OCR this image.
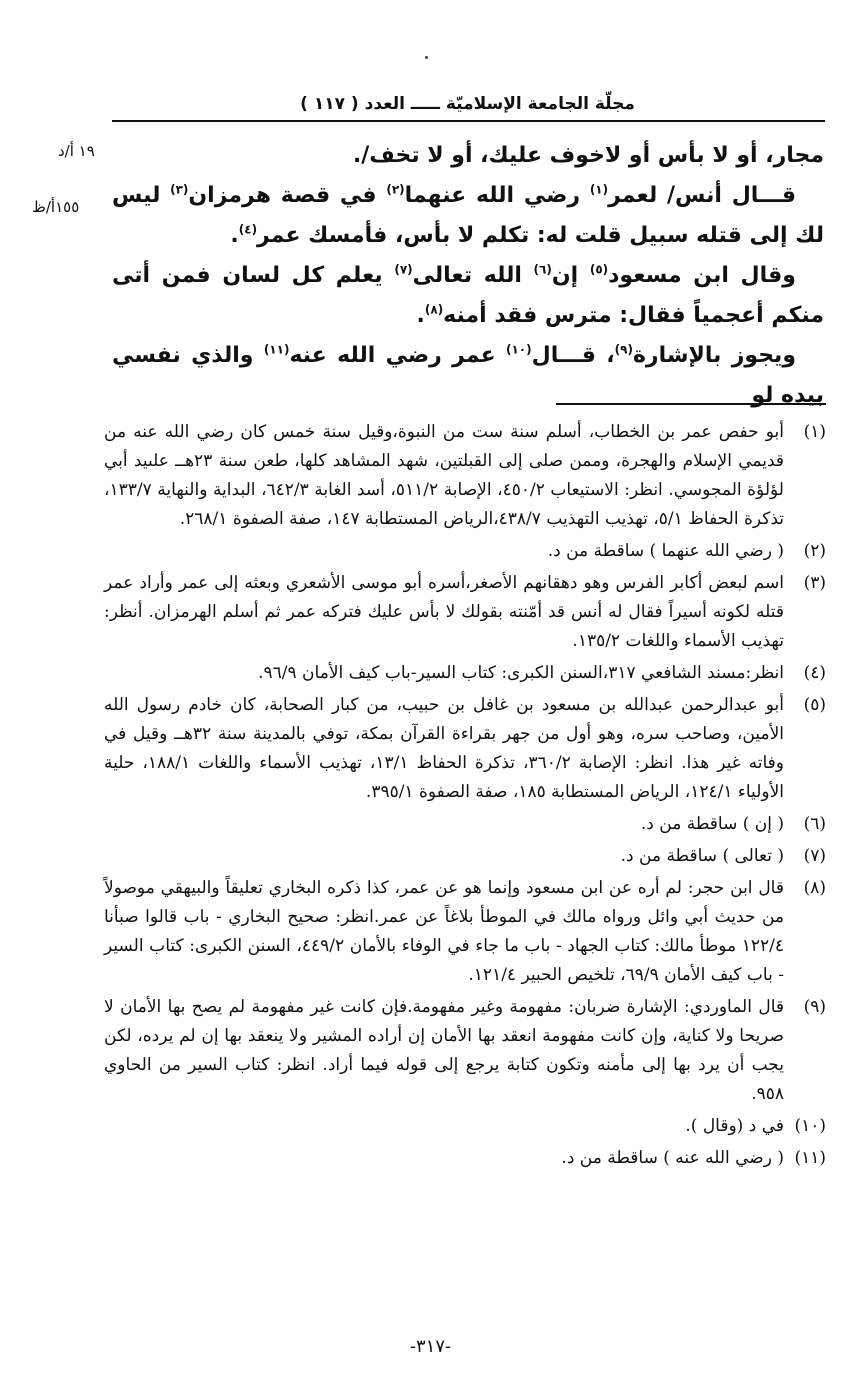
مجلّة الجامعة الإسلاميّة ـــــ العدد ( ١١٧ )
١٩ أ/د
١٥٥أ/ظ

مجار، أو لا بأس أو لاخوف عليك، أو لا تخف/.

قـــال أنس/ لعمر$^{(١)}$ رضي الله عنهما$^{(٢)}$ في قصة هرمزان$^{(٣)}$ ليس لك إلى قتله سبيل قلت له: تكلم لا بأس، فأمسك عمر$^{(٤)}$.

وقال ابن مسعود$^{(٥)}$ إن$^{(٦)}$ الله تعالى$^{(٧)}$ يعلم كل لسان فمن أتى منكم أعجمياً فقال: مترس فقد أمنه$^{(٨)}$.

ويجوز بالإشارة$^{(٩)}$، قـــال$^{(١٠)}$ عمر رضي الله عنه$^{(١١)}$ والذي نفسي بيده لو

(١)
أبو حفص عمر بن الخطاب، أسلم سنة ست من النبوة،وقيل سنة خمس كان رضي الله عنه من قديمي الإسلام والهجرة، وممن صلى إلى القبلتين، شهد المشاهد كلها، طعن سنة ٢٣هــ علىيد أبي لؤلؤة المجوسي. انظر: الاستيعاب ٤٥٠/٢، الإصابة ٥١١/٢، أسد الغابة ٦٤٢/٣، البداية والنهاية ١٣٣/٧، تذكرة الحفاظ ٥/١، تهذيب التهذيب ٤٣٨/٧،الرياض المستطابة ١٤٧، صفة الصفوة ٢٦٨/١.
(٢)
( رضي الله عنهما ) ساقطة من د.
(٣)
اسم لبعض أكابر الفرس وهو دهقانهم الأصغر،أسره أبو موسى الأشعري وبعثه إلى عمر وأراد عمر قتله لكونه أسيراً فقال له أنس قد أمّنته بقولك لا بأس عليك فتركه عمر ثم أسلم الهرمزان. أنظر: تهذيب الأسماء واللغات ١٣٥/٢.
(٤)
انظر:مسند الشافعي ٣١٧،السنن الكبرى: كتاب السير-باب كيف الأمان ٩٦/٩.
(٥)
أبو عبدالرحمن عبدالله بن مسعود بن غافل بن حبيب، من كبار الصحابة، كان خادم رسول الله الأمين، وصاحب سره، وهو أول من جهر بقراءة القرآن بمكة، توفي بالمدينة سنة ٣٢هــ وقيل في وفاته غير هذا. انظر: الإصابة ٣٦٠/٢، تذكرة الحفاظ ١٣/١، تهذيب الأسماء واللغات ١٨٨/١، حلية الأولياء ١٢٤/١، الرياض المستطابة ١٨٥، صفة الصفوة ٣٩٥/١.
(٦)
( إن ) ساقطة من د.
(٧)
( تعالى ) ساقطة من د.
(٨)
قال ابن حجر: لم أره عن ابن مسعود وإنما هو عن عمر، كذا ذكره البخاري تعليقاً والبيهقي موصولاً من حديث أبي وائل ورواه مالك في الموطأ بلاغاً عن عمر.انظر: صحيح البخاري - باب قالوا صبأنا ١٢٢/٤ موطأ مالك: كتاب الجهاد - باب ما جاء في الوفاء بالأمان ٤٤٩/٢، السنن الكبرى: كتاب السير - باب كيف الأمان ٦٩/٩، تلخيص الحبير ١٢١/٤.
(٩)
قال الماوردي: الإشارة ضربان: مفهومة وغير مفهومة.فإن كانت غير مفهومة لم يصح بها الأمان لا صريحا ولا كناية، وإن كانت مفهومة انعقد بها الأمان إن أراده المشير ولا ينعقد بها إن لم يرده، لكن يجب أن يرد بها إلى مأمنه وتكون كتابة يرجع إلى قوله فيما أراد. انظر: كتاب السير من الحاوي ٩٥٨.
(١٠)
في د (وقال ).
(١١)
( رضي الله عنه ) ساقطة من د.
-٣١٧-
